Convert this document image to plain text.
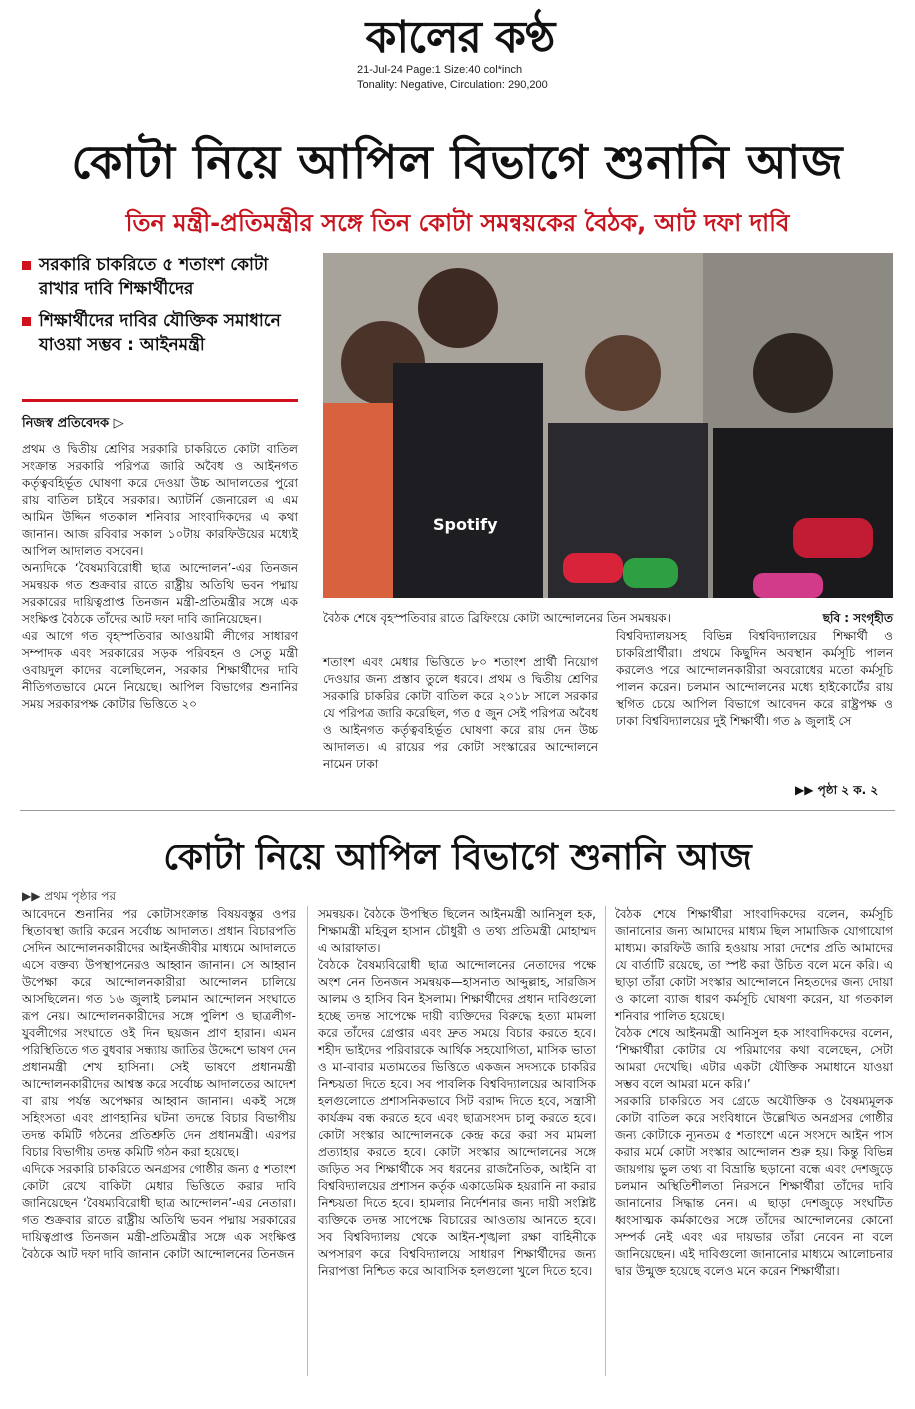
কালের কণ্ঠ
21-Jul-24 Page:1 Size:40 col*inch
Tonality: Negative, Circulation: 290,200
কোটা নিয়ে আপিল বিভাগে শুনানি আজ
তিন মন্ত্রী-প্রতিমন্ত্রীর সঙ্গে তিন কোটা সমন্বয়কের বৈঠক, আট দফা দাবি
সরকারি চাকরিতে ৫ শতাংশ কোটা রাখার দাবি শিক্ষার্থীদের
শিক্ষার্থীদের দাবির যৌক্তিক সমাধানে যাওয়া সম্ভব : আইনমন্ত্রী
নিজস্ব প্রতিবেদক ▷

প্রথম ও দ্বিতীয় শ্রেণির সরকারি চাকরিতে কোটা বাতিল সংক্রান্ত সরকারি পরিপত্র জারি অবৈধ ও আইনগত কর্তৃত্ববহির্ভূত ঘোষণা করে দেওয়া উচ্চ আদালতের পুরো রায় বাতিল চাইবে সরকার। অ্যাটর্নি জেনারেল এ এম আমিন উদ্দিন গতকাল শনিবার সাংবাদিকদের এ কথা জানান। আজ রবিবার সকাল ১০টায় কারফিউয়ের মধ্যেই আপিল আদালত বসবেন।

অন্যদিকে ‘বৈষম্যবিরোধী ছাত্র আন্দোলন’-এর তিনজন সমন্বয়ক গত শুক্রবার রাতে রাষ্ট্রীয় অতিথি ভবন পদ্মায় সরকারের দায়িত্বপ্রাপ্ত তিনজন মন্ত্রী-প্রতিমন্ত্রীর সঙ্গে এক সংক্ষিপ্ত বৈঠকে তাঁদের আট দফা দাবি জানিয়েছেন।

এর আগে গত বৃহস্পতিবার আওয়ামী লীগের সাধারণ সম্পাদক এবং সরকারের সড়ক পরিবহন ও সেতু মন্ত্রী ওবায়দুল কাদের বলেছিলেন, সরকার শিক্ষার্থীদের দাবি নীতিগতভাবে মেনে নিয়েছে। আপিল বিভাগের শুনানির সময় সরকারপক্ষ কোটার ভিত্তিতে ২০

Spotify
বৈঠক শেষে বৃহস্পতিবার রাতে ব্রিফিংয়ে কোটা আন্দোলনের তিন সমন্বয়ক।	ছবি : সংগৃহীত

শতাংশ এবং মেধার ভিত্তিতে ৮০ শতাংশ প্রার্থী নিয়োগ দেওয়ার জন্য প্রস্তাব তুলে ধরবে। প্রথম ও দ্বিতীয় শ্রেণির সরকারি চাকরির কোটা বাতিল করে ২০১৮ সালে সরকার যে পরিপত্র জারি করেছিল, গত ৫ জুন সেই পরিপত্র অবৈধ ও আইনগত কর্তৃত্ববহির্ভূত ঘোষণা করে রায় দেন উচ্চ আদালত। এ রায়ের পর কোটা সংস্কারের আন্দোলনে নামেন ঢাকা

বিশ্ববিদ্যালয়সহ বিভিন্ন বিশ্ববিদ্যালয়ের শিক্ষার্থী ও চাকরিপ্রার্থীরা। প্রথমে কিছুদিন অবস্থান কর্মসূচি পালন করলেও পরে আন্দোলনকারীরা অবরোধের মতো কর্মসূচি পালন করেন। চলমান আন্দোলনের মধ্যে হাইকোর্টের রায় স্থগিত চেয়ে আপিল বিভাগে আবেদন করে রাষ্ট্রপক্ষ ও ঢাকা বিশ্ববিদ্যালয়ের দুই শিক্ষার্থী। গত ৯ জুলাই সে

▶▶ পৃষ্ঠা ২ ক. ২
কোটা নিয়ে আপিল বিভাগে শুনানি আজ
▶▶ প্রথম পৃষ্ঠার পর

আবেদনে শুনানির পর কোটাসংক্রান্ত বিষয়বস্তুর ওপর স্থিতাবস্থা জারি করেন সর্বোচ্চ আদালত। প্রধান বিচারপতি সেদিন আন্দোলনকারীদের আইনজীবীর মাধ্যমে আদালতে এসে বক্তব্য উপস্থাপনেরও আহ্বান জানান। সে আহ্বান উপেক্ষা করে আন্দোলনকারীরা আন্দোলন চালিয়ে আসছিলেন। গত ১৬ জুলাই চলমান আন্দোলন সংঘাতে রূপ নেয়। আন্দোলনকারীদের সঙ্গে পুলিশ ও ছাত্রলীগ-যুবলীগের সংঘাতে ওই দিন ছয়জন প্রাণ হারান। এমন পরিস্থিতিতে গত বুধবার সন্ধ্যায় জাতির উদ্দেশে ভাষণ দেন প্রধানমন্ত্রী শেখ হাসিনা। সেই ভাষণে প্রধানমন্ত্রী আন্দোলনকারীদের আশ্বস্ত করে সর্বোচ্চ আদালতের আদেশ বা রায় পর্যন্ত অপেক্ষার আহ্বান জানান। একই সঙ্গে সহিংসতা এবং প্রাণহানির ঘটনা তদন্তে বিচার বিভাগীয় তদন্ত কমিটি গঠনের প্রতিশ্রুতি দেন প্রধানমন্ত্রী। এরপর বিচার বিভাগীয় তদন্ত কমিটি গঠন করা হয়েছে।

এদিকে সরকারি চাকরিতে অনগ্রসর গোষ্ঠীর জন্য ৫ শতাংশ কোটা রেখে বাকিটা মেধার ভিত্তিতে করার দাবি জানিয়েছেন ‘বৈষম্যবিরোধী ছাত্র আন্দোলন’-এর নেতারা। গত শুক্রবার রাতে রাষ্ট্রীয় অতিথি ভবন পদ্মায় সরকারের দায়িত্বপ্রাপ্ত তিনজন মন্ত্রী-প্রতিমন্ত্রীর সঙ্গে এক সংক্ষিপ্ত বৈঠকে আট দফা দাবি জানান কোটা আন্দোলনের তিনজন

সমন্বয়ক। বৈঠকে উপস্থিত ছিলেন আইনমন্ত্রী আনিসুল হক, শিক্ষামন্ত্রী মহিবুল হাসান চৌধুরী ও তথ্য প্রতিমন্ত্রী মোহাম্মদ এ আরাফাত।

বৈঠকে বৈষম্যবিরোধী ছাত্র আন্দোলনের নেতাদের পক্ষে অংশ নেন তিনজন সমন্বয়ক—হাসনাত আব্দুল্লাহ, সারজিস আলম ও হাসিব বিন ইসলাম। শিক্ষার্থীদের প্রধান দাবিগুলো হচ্ছে তদন্ত সাপেক্ষে দায়ী ব্যক্তিদের বিরুদ্ধে হত্যা মামলা করে তাঁদের গ্রেপ্তার এবং দ্রুত সময়ে বিচার করতে হবে। শহীদ ভাইদের পরিবারকে আর্থিক সহযোগিতা, মাসিক ভাতা ও মা-বাবার মতামতের ভিত্তিতে একজন সদস্যকে চাকরির নিশ্চয়তা দিতে হবে। সব পাবলিক বিশ্ববিদ্যালয়ের আবাসিক হলগুলোতে প্রশাসনিকভাবে সিট বরাদ্দ দিতে হবে, সন্ত্রাসী কার্যক্রম বন্ধ করতে হবে এবং ছাত্রসংসদ চালু করতে হবে। কোটা সংস্কার আন্দোলনকে কেন্দ্র করে করা সব মামলা প্রত্যাহার করতে হবে। কোটা সংস্কার আন্দোলনের সঙ্গে জড়িত সব শিক্ষার্থীকে সব ধরনের রাজনৈতিক, আইনি বা বিশ্ববিদ্যালয়ের প্রশাসন কর্তৃক একাডেমিক হয়রানি না করার নিশ্চয়তা দিতে হবে। হামলার নির্দেশনার জন্য দায়ী সংশ্লিষ্ট ব্যক্তিকে তদন্ত সাপেক্ষে বিচারের আওতায় আনতে হবে। সব বিশ্ববিদ্যালয় থেকে আইন-শৃঙ্খলা রক্ষা বাহিনীকে অপসারণ করে বিশ্ববিদ্যালয়ে সাধারণ শিক্ষার্থীদের জন্য নিরাপত্তা নিশ্চিত করে আবাসিক হলগুলো খুলে দিতে হবে।

বৈঠক শেষে শিক্ষার্থীরা সাংবাদিকদের বলেন, কর্মসূচি জানানোর জন্য আমাদের মাধ্যম ছিল সামাজিক যোগাযোগ মাধ্যম। কারফিউ জারি হওয়ায় সারা দেশের প্রতি আমাদের যে বার্তাটি রয়েছে, তা স্পষ্ট করা উচিত বলে মনে করি। এ ছাড়া তাঁরা কোটা সংস্কার আন্দোলনে নিহতদের জন্য দোয়া ও কালো ব্যাজ ধারণ কর্মসূচি ঘোষণা করেন, যা গতকাল শনিবার পালিত হয়েছে।

বৈঠক শেষে আইনমন্ত্রী আনিসুল হক সাংবাদিকদের বলেন, ‘শিক্ষার্থীরা কোটার যে পরিমাণের কথা বলেছেন, সেটা আমরা দেখেছি। এটার একটা যৌক্তিক সমাধানে যাওয়া সম্ভব বলে আমরা মনে করি।’

সরকারি চাকরিতে সব গ্রেডে অযৌক্তিক ও বৈষম্যমূলক কোটা বাতিল করে সংবিধানে উল্লেখিত অনগ্রসর গোষ্ঠীর জন্য কোটাকে ন্যূনতম ৫ শতাংশে এনে সংসদে আইন পাস করার মর্মে কোটা সংস্কার আন্দোলন শুরু হয়। কিন্তু বিভিন্ন জায়গায় ভুল তথ্য বা বিভ্রান্তি ছড়ানো বন্ধে এবং দেশজুড়ে চলমান অস্থিতিশীলতা নিরসনে শিক্ষার্থীরা তাঁদের দাবি জানানোর সিদ্ধান্ত নেন। এ ছাড়া দেশজুড়ে সংঘটিত ধ্বংসাত্মক কর্মকাণ্ডের সঙ্গে তাঁদের আন্দোলনের কোনো সম্পর্ক নেই এবং এর দায়ভার তাঁরা নেবেন না বলে জানিয়েছেন। এই দাবিগুলো জানানোর মাধ্যমে আলোচনার দ্বার উন্মুক্ত হয়েছে বলেও মনে করেন শিক্ষার্থীরা।
